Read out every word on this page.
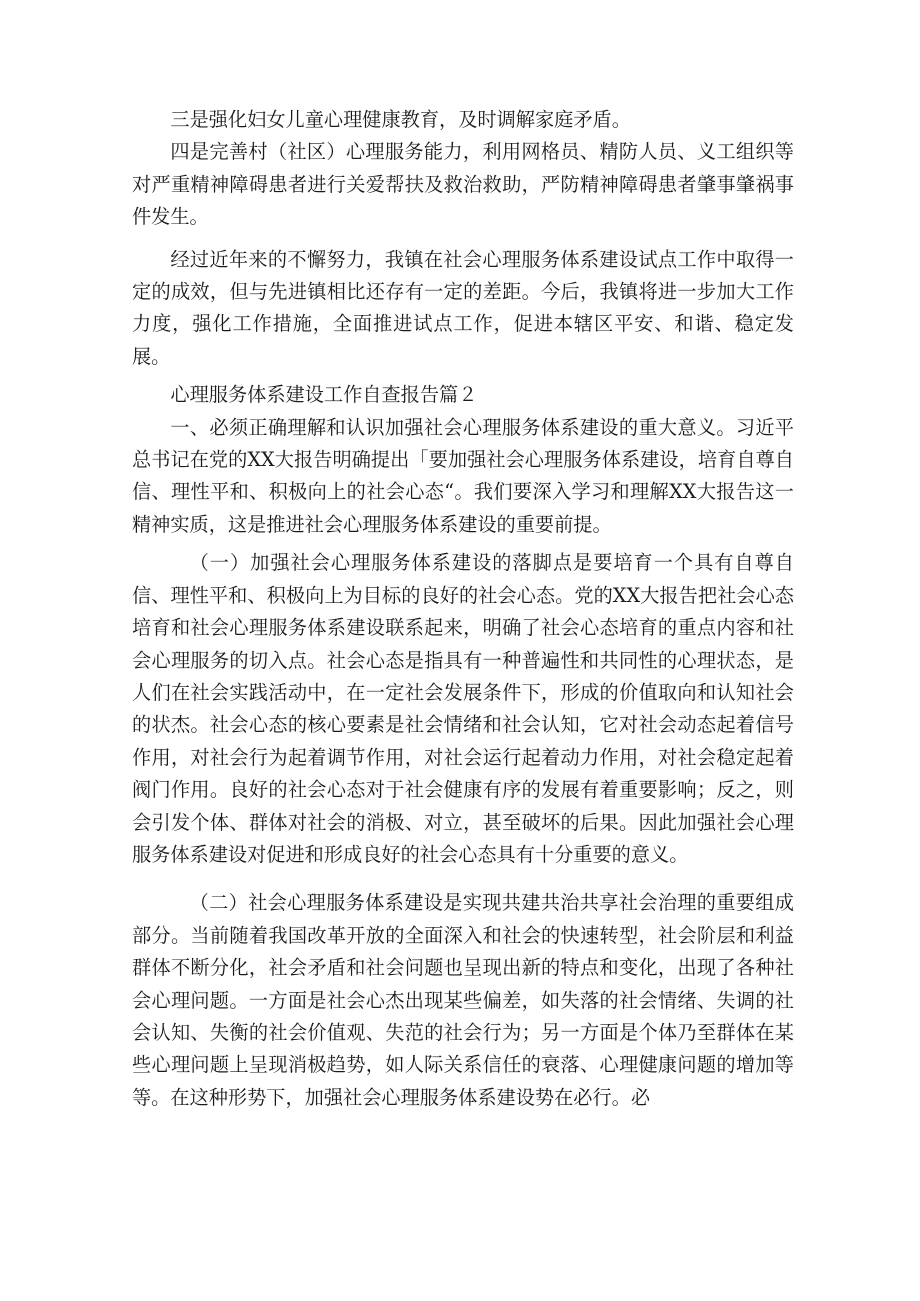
三是强化妇女儿童心理健康教育，及时调解家庭矛盾。

四是完善村（社区）心理服务能力，利用网格员、精防人员、义工组织等对严重精神障碍患者进行关爱帮扶及救治救助，严防精神障碍患者肇事肇祸事件发生。

经过近年来的不懈努力，我镇在社会心理服务体系建设试点工作中取得一定的成效，但与先进镇相比还存有一定的差距。今后，我镇将进一步加大工作力度，强化工作措施，全面推进试点工作，促进本辖区平安、和谐、稳定发展。

心理服务体系建设工作自查报告篇２

一、必须正确理解和认识加强社会心理服务体系建设的重大意义。习近平总书记在党的XX大报告明确提出「要加强社会心理服务体系建设，培育自尊自信、理性平和、积极向上的社会心态“。我们要深入学习和理解XX大报告这一精神实质，这是推进社会心理服务体系建设的重要前提。

（一）加强社会心理服务体系建设的落脚点是要培育一个具有自尊自信、理性平和、积极向上为目标的良好的社会心态。党的XX大报告把社会心态培育和社会心理服务体系建设联系起来，明确了社会心态培育的重点内容和社会心理服务的切入点。社会心态是指具有一种普遍性和共同性的心理状态，是人们在社会实践活动中，在一定社会发展条件下，形成的价值取向和认知社会的状杰。社会心态的核心要素是社会情绪和社会认知，它对社会动态起着信号作用，对社会行为起着调节作用，对社会运行起着动力作用，对社会稳定起着阀门作用。良好的社会心态对于社会健康有序的发展有着重要影响；反之，则会引发个体、群体对社会的消极、对立，甚至破坏的后果。因此加强社会心理服务体系建设对促进和形成良好的社会心态具有十分重要的意义。

（二）社会心理服务体系建设是实现共建共治共享社会治理的重要组成部分。当前随着我国改革开放的全面深入和社会的快速转型，社会阶层和利益群体不断分化，社会矛盾和社会问题也呈现出新的特点和变化，出现了各种社会心理问题。一方面是社会心杰出现某些偏差，如失落的社会情绪、失调的社会认知、失衡的社会价值观、失范的社会行为；另一方面是个体乃至群体在某些心理问题上呈现消极趋势，如人际关系信任的衰落、心理健康问题的增加等等。在这种形势下，加强社会心理服务体系建设势在必行。必
